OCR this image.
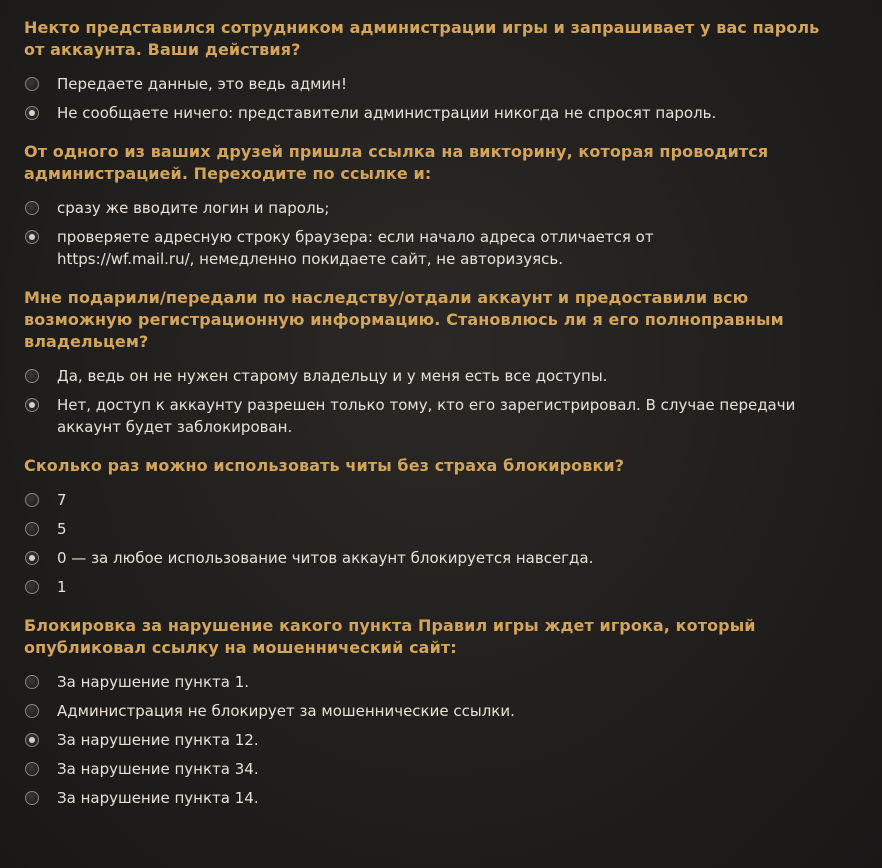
Некто представился сотрудником администрации игры и запрашивает у вас пароль от аккаунта. Ваши действия?
Передаете данные, это ведь админ!
Не сообщаете ничего: представители администрации никогда не спросят пароль.
От одного из ваших друзей пришла ссылка на викторину, которая проводится администрацией. Переходите по ссылке и:
сразу же вводите логин и пароль;
проверяете адресную строку браузера: если начало адреса отличается от https://wf.mail.ru/, немедленно покидаете сайт, не авторизуясь.
Мне подарили/передали по наследству/отдали аккаунт и предоставили всю возможную регистрационную информацию. Становлюсь ли я его полноправным владельцем?
Да, ведь он не нужен старому владельцу и у меня есть все доступы.
Нет, доступ к аккаунту разрешен только тому, кто его зарегистрировал. В случае передачи аккаунт будет заблокирован.
Сколько раз можно использовать читы без страха блокировки?
7
5
0 — за любое использование читов аккаунт блокируется навсегда.
1
Блокировка за нарушение какого пункта Правил игры ждет игрока, который опубликовал ссылку на мошеннический сайт:
За нарушение пункта 1.
Администрация не блокирует за мошеннические ссылки.
За нарушение пункта 12.
За нарушение пункта 34.
За нарушение пункта 14.
